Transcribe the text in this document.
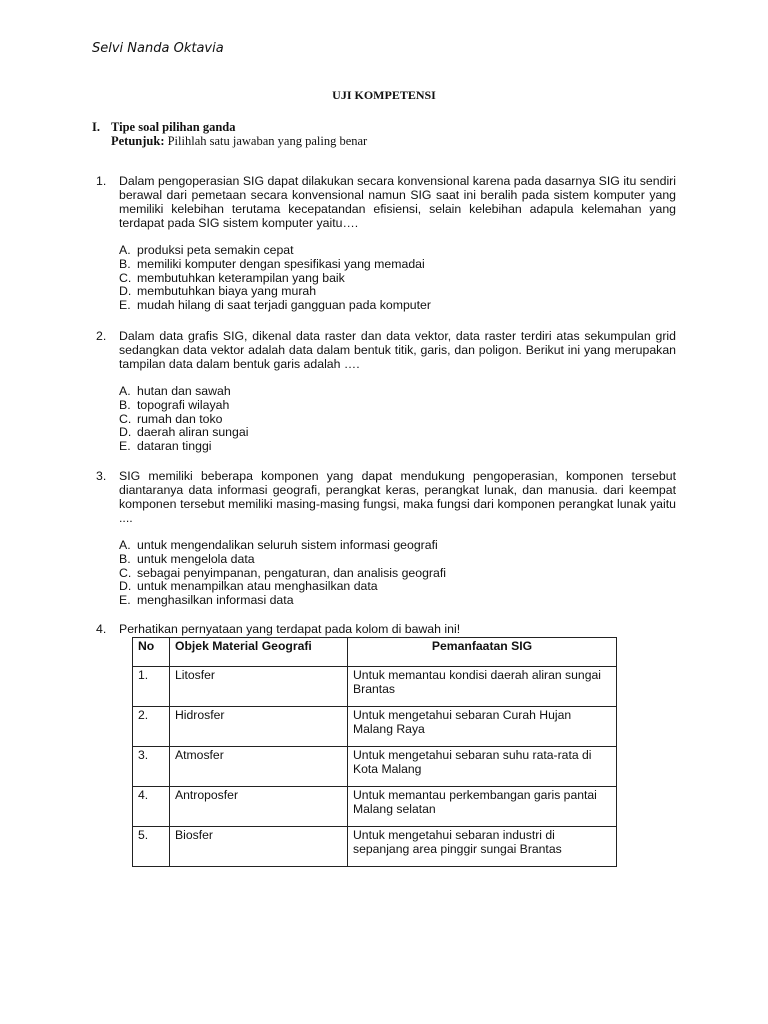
Selvi Nanda Oktavia
UJI KOMPETENSI
I. Tipe soal pilihan ganda
Petunjuk: Pilihlah satu jawaban yang paling benar
1. Dalam pengoperasian SIG dapat dilakukan secara konvensional karena pada dasarnya SIG itu sendiri berawal dari pemetaan secara konvensional namun SIG saat ini beralih pada sistem komputer yang memiliki kelebihan terutama kecepatandan efisiensi, selain kelebihan adapula kelemahan yang terdapat pada SIG sistem komputer yaitu….
A. produksi peta semakin cepat
B. memiliki komputer dengan spesifikasi yang memadai
C. membutuhkan keterampilan yang baik
D. membutuhkan biaya yang murah
E. mudah hilang di saat terjadi gangguan pada komputer
2. Dalam data grafis SIG, dikenal data raster dan data vektor, data raster terdiri atas sekumpulan grid sedangkan data vektor adalah data dalam bentuk titik, garis, dan poligon. Berikut ini yang merupakan tampilan data dalam bentuk garis adalah ….
A. hutan dan sawah
B. topografi wilayah
C. rumah dan toko
D. daerah aliran sungai
E. dataran tinggi
3. SIG memiliki beberapa komponen yang dapat mendukung pengoperasian, komponen tersebut diantaranya data informasi geografi, perangkat keras, perangkat lunak, dan manusia. dari keempat komponen tersebut memiliki masing-masing fungsi, maka fungsi dari komponen perangkat lunak yaitu ....
A. untuk mengendalikan seluruh sistem informasi geografi
B. untuk mengelola data
C. sebagai penyimpanan, pengaturan, dan analisis geografi
D. untuk menampilkan atau menghasilkan data
E. menghasilkan informasi data
4. Perhatikan pernyataan yang terdapat pada kolom di bawah ini!
No	Objek Material Geografi	Pemanfaatan SIG
1.	Litosfer	Untuk memantau kondisi daerah aliran sungai Brantas
2.	Hidrosfer	Untuk mengetahui sebaran Curah Hujan Malang Raya
3.	Atmosfer	Untuk mengetahui sebaran suhu rata-rata di Kota Malang
4.	Antroposfer	Untuk memantau perkembangan garis pantai Malang selatan
5.	Biosfer	Untuk mengetahui sebaran industri di sepanjang area pinggir sungai Brantas
